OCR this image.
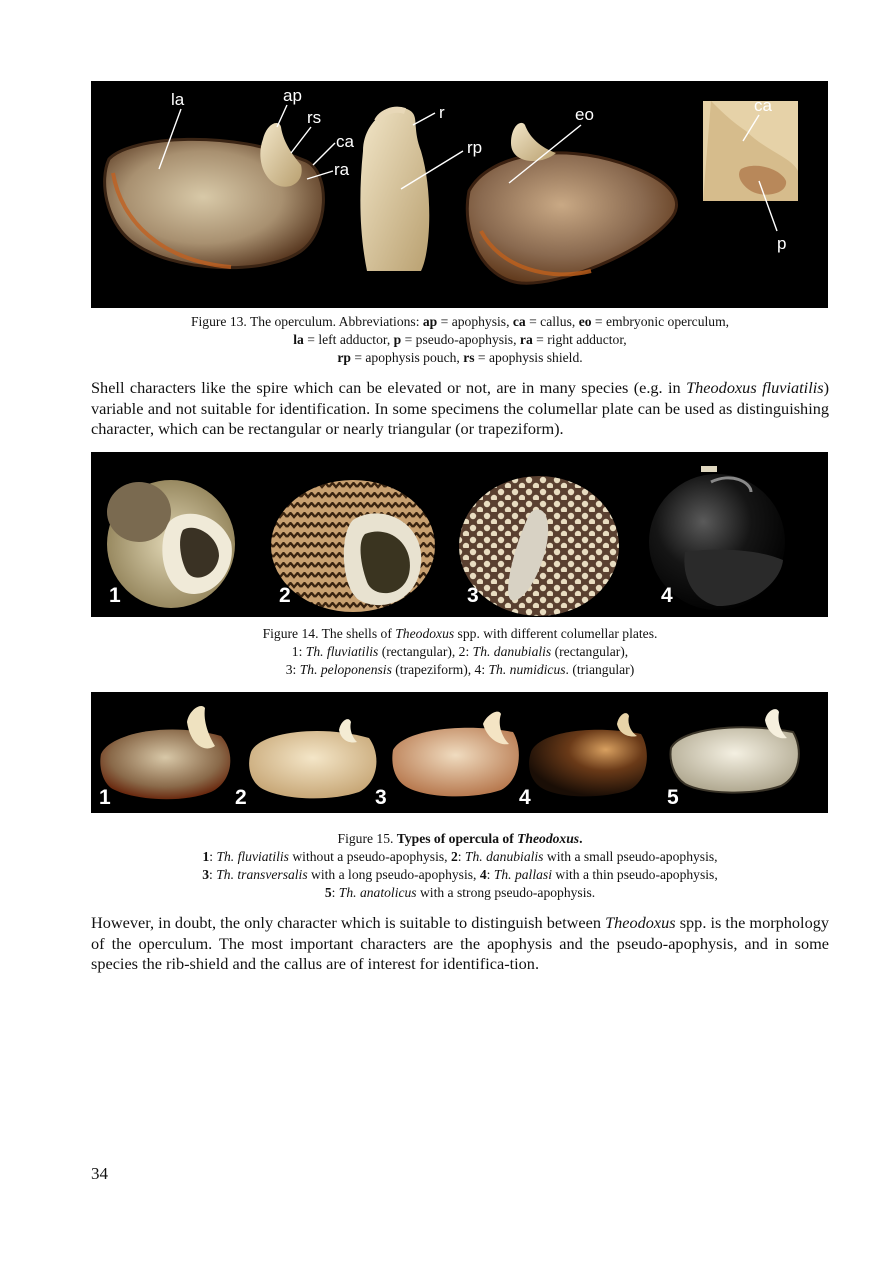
la	ap
rs
ca
ra
r
rp
eo	ca
p
Figure 13. The operculum. Abbreviations: ap = apophysis, ca = callus, eo = embryonic operculum,
la = left adductor, p = pseudo-apophysis, ra = right adductor,
rp = apophysis pouch, rs = apophysis shield.
Shell characters like the spire which can be elevated or not, are in many species (e.g. in Theodoxus fluviatilis) variable and not suitable for identification. In some specimens the columellar plate can be used as distinguishing character, which can be rectangular or nearly triangular (or trapeziform).
1	2	3	4
Figure 14. The shells of Theodoxus spp. with different columellar plates.
1: Th. fluviatilis (rectangular), 2: Th. danubialis (rectangular),
3: Th. peloponensis (trapeziform), 4: Th. numidicus. (triangular)
1	2	3	4	5
Figure 15. Types of opercula of Theodoxus.
1: Th. fluviatilis without a pseudo-apophysis, 2: Th. danubialis with a small pseudo-apophysis,
3: Th. transversalis with a long pseudo-apophysis, 4: Th. pallasi with a thin pseudo-apophysis,
5: Th. anatolicus with a strong pseudo-apophysis.
However, in doubt, the only character which is suitable to distinguish between Theodoxus spp. is the morphology of the operculum. The most important characters are the apophysis and the pseudo-apophysis, and in some species the rib-shield and the callus are of interest for identifica-tion.
34
